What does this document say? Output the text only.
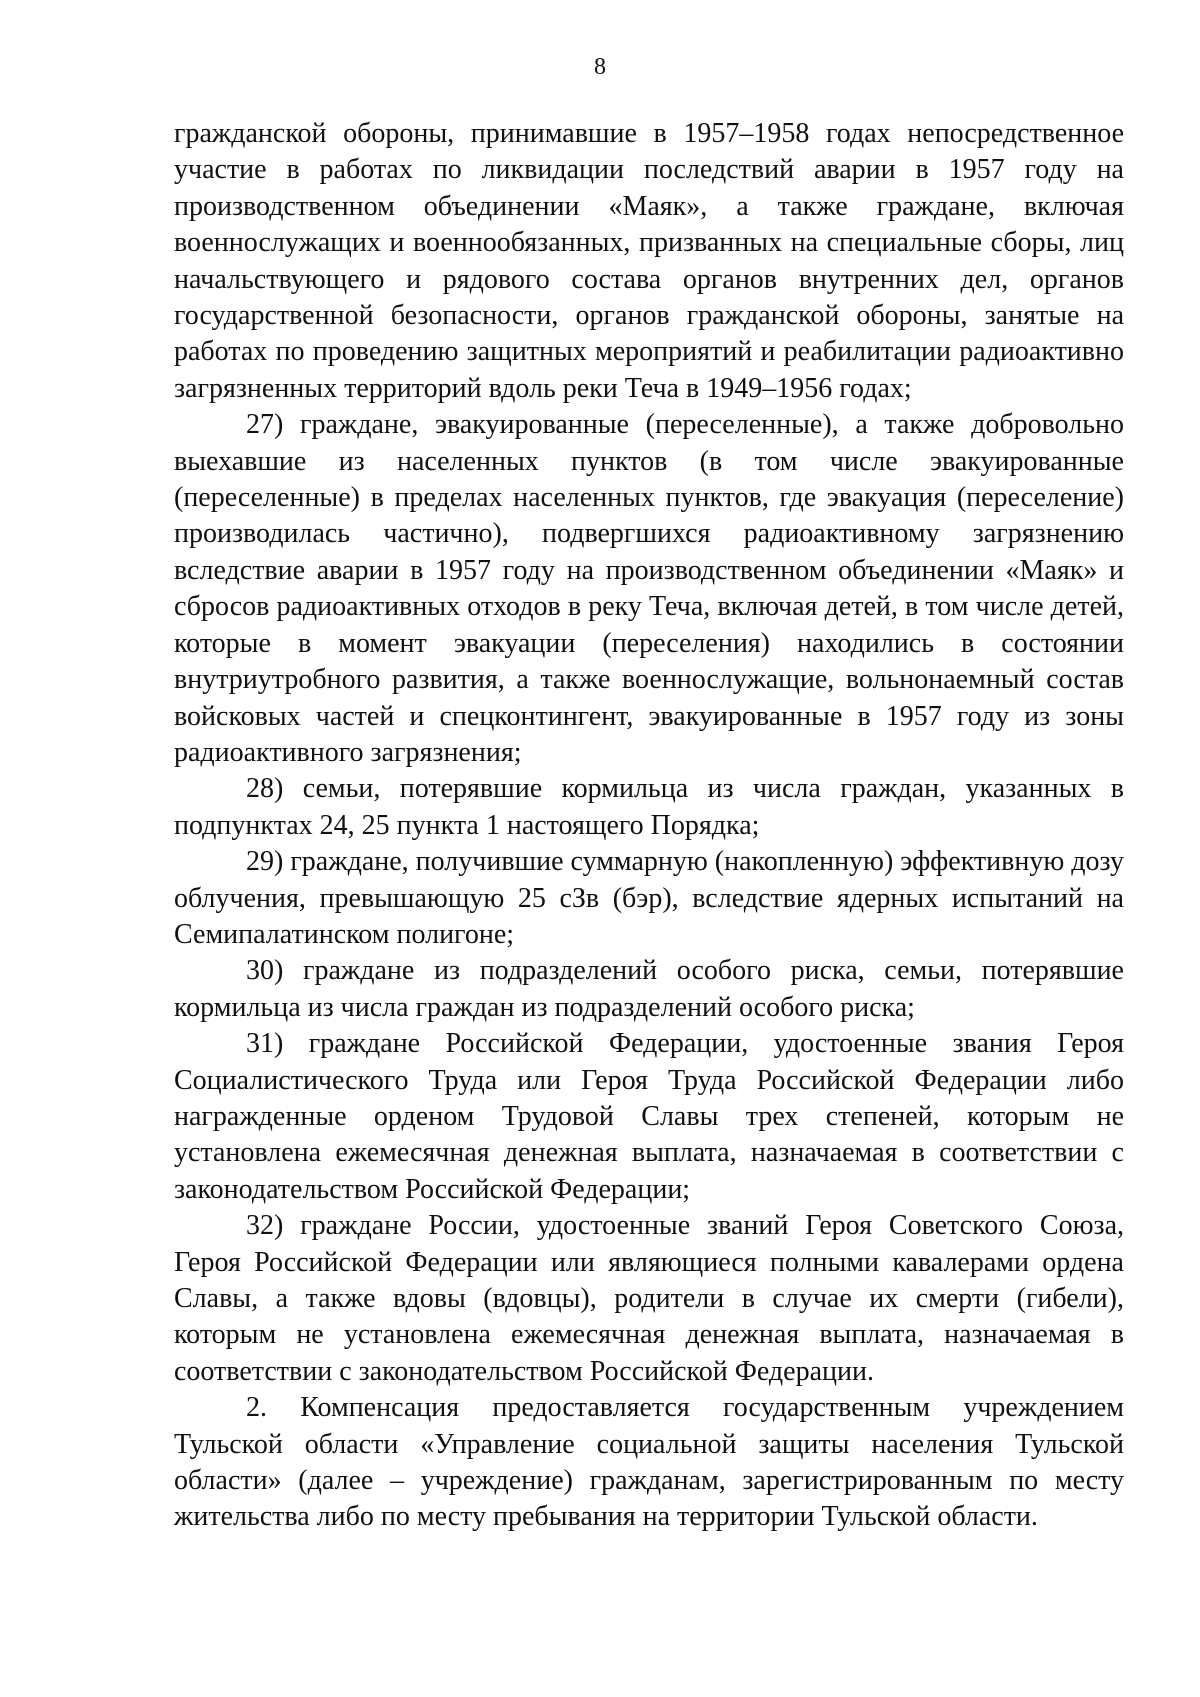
8

гражданской обороны, принимавшие в 1957–1958 годах непосредственное участие в работах по ликвидации последствий аварии в 1957 году на производственном объединении «Маяк», а также граждане, включая военнослужащих и военнообязанных, призванных на специальные сборы, лиц начальствующего и рядового состава органов внутренних дел, органов государственной безопасности, органов гражданской обороны, занятые на работах по проведению защитных мероприятий и реабилитации радиоактивно загрязненных территорий вдоль реки Теча в 1949–1956 годах;

27) граждане, эвакуированные (переселенные), а также добровольно выехавшие из населенных пунктов (в том числе эвакуированные (переселенные) в пределах населенных пунктов, где эвакуация (переселение) производилась частично), подвергшихся радиоактивному загрязнению вследствие аварии в 1957 году на производственном объединении «Маяк» и сбросов радиоактивных отходов в реку Теча, включая детей, в том числе детей, которые в момент эвакуации (переселения) находились в состоянии внутриутробного развития, а также военнослужащие, вольнонаемный состав войсковых частей и спецконтингент, эвакуированные в 1957 году из зоны радиоактивного загрязнения;

28) семьи, потерявшие кормильца из числа граждан, указанных в подпунктах 24, 25 пункта 1 настоящего Порядка;

29) граждане, получившие суммарную (накопленную) эффективную дозу облучения, превышающую 25 сЗв (бэр), вследствие ядерных испытаний на Семипалатинском полигоне;

30) граждане из подразделений особого риска, семьи, потерявшие кормильца из числа граждан из подразделений особого риска;

31) граждане Российской Федерации, удостоенные звания Героя Социалистического Труда или Героя Труда Российской Федерации либо награжденные орденом Трудовой Славы трех степеней, которым не установлена ежемесячная денежная выплата, назначаемая в соответствии с законодательством Российской Федерации;

32) граждане России, удостоенные званий Героя Советского Союза, Героя Российской Федерации или являющиеся полными кавалерами ордена Славы, а также вдовы (вдовцы), родители в случае их смерти (гибели), которым не установлена ежемесячная денежная выплата, назначаемая в соответствии с законодательством Российской Федерации.

2. Компенсация предоставляется государственным учреждением Тульской области «Управление социальной защиты населения Тульской области» (далее – учреждение) гражданам, зарегистрированным по месту жительства либо по месту пребывания на территории Тульской области.
